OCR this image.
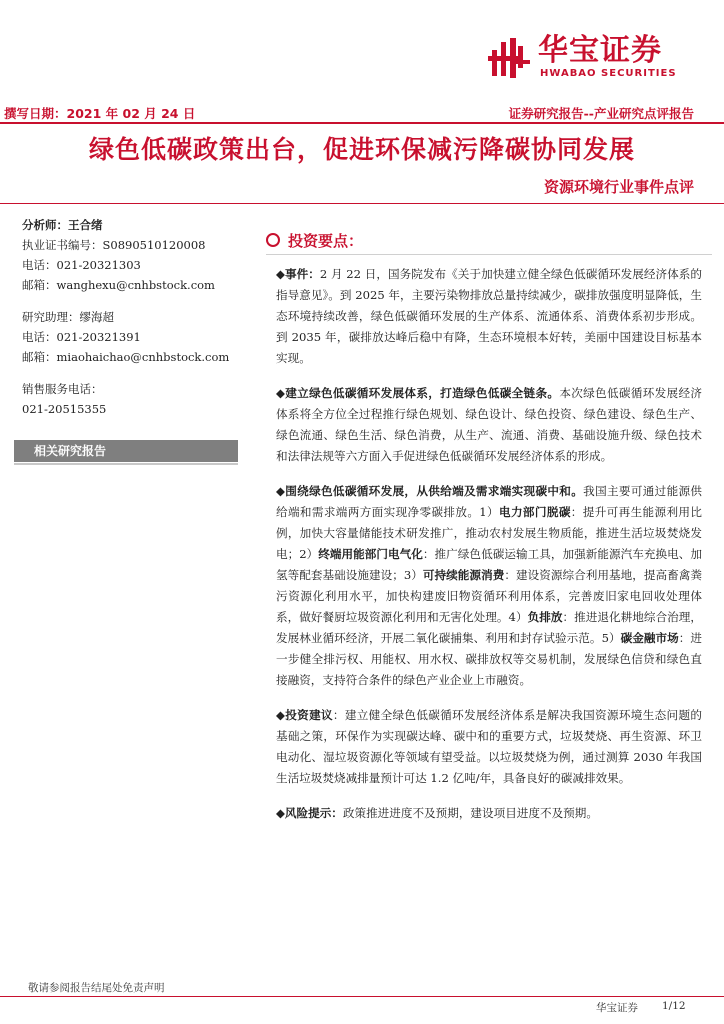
华宝证券
HWABAO SECURITIES
撰写日期：2021 年 02 月 24 日	证券研究报告--产业研究点评报告
绿色低碳政策出台，促进环保减污降碳协同发展
资源环境行业事件点评
分析师：王合绪
执业证书编号：S0890510120008
电话：021-20321303
邮箱：wanghexu@cnhbstock.com
研究助理：缪海超
电话：021-20321391
邮箱：miaohaichao@cnhbstock.com
销售服务电话：
021-20515355
相关研究报告
投资要点：

◆事件：2 月 22 日，国务院发布《关于加快建立健全绿色低碳循环发展经济体系的指导意见》。到 2025 年，主要污染物排放总量持续减少，碳排放强度明显降低，生态环境持续改善，绿色低碳循环发展的生产体系、流通体系、消费体系初步形成。到 2035 年，碳排放达峰后稳中有降，生态环境根本好转，美丽中国建设目标基本实现。

◆建立绿色低碳循环发展体系，打造绿色低碳全链条。本次绿色低碳循环发展经济体系将全方位全过程推行绿色规划、绿色设计、绿色投资、绿色建设、绿色生产、绿色流通、绿色生活、绿色消费，从生产、流通、消费、基础设施升级、绿色技术和法律法规等六方面入手促进绿色低碳循环发展经济体系的形成。

◆围绕绿色低碳循环发展，从供给端及需求端实现碳中和。我国主要可通过能源供给端和需求端两方面实现净零碳排放。1）电力部门脱碳：提升可再生能源利用比例，加快大容量储能技术研发推广，推动农村发展生物质能，推进生活垃圾焚烧发电；2）终端用能部门电气化：推广绿色低碳运输工具，加强新能源汽车充换电、加氢等配套基础设施建设；3）可持续能源消费：建设资源综合利用基地，提高畜禽粪污资源化利用水平，加快构建废旧物资循环利用体系，完善废旧家电回收处理体系，做好餐厨垃圾资源化利用和无害化处理。4）负排放：推进退化耕地综合治理，发展林业循环经济，开展二氧化碳捕集、利用和封存试验示范。5）碳金融市场：进一步健全排污权、用能权、用水权、碳排放权等交易机制，发展绿色信贷和绿色直接融资，支持符合条件的绿色产业企业上市融资。

◆投资建议：建立健全绿色低碳循环发展经济体系是解决我国资源环境生态问题的基础之策，环保作为实现碳达峰、碳中和的重要方式，垃圾焚烧、再生资源、环卫电动化、湿垃圾资源化等领域有望受益。以垃圾焚烧为例，通过测算 2030 年我国生活垃圾焚烧减排量预计可达 1.2 亿吨/年，具备良好的碳减排效果。

◆风险提示：政策推进进度不及预期，建设项目进度不及预期。

敬请参阅报告结尾处免责声明
华宝证券 1/12
